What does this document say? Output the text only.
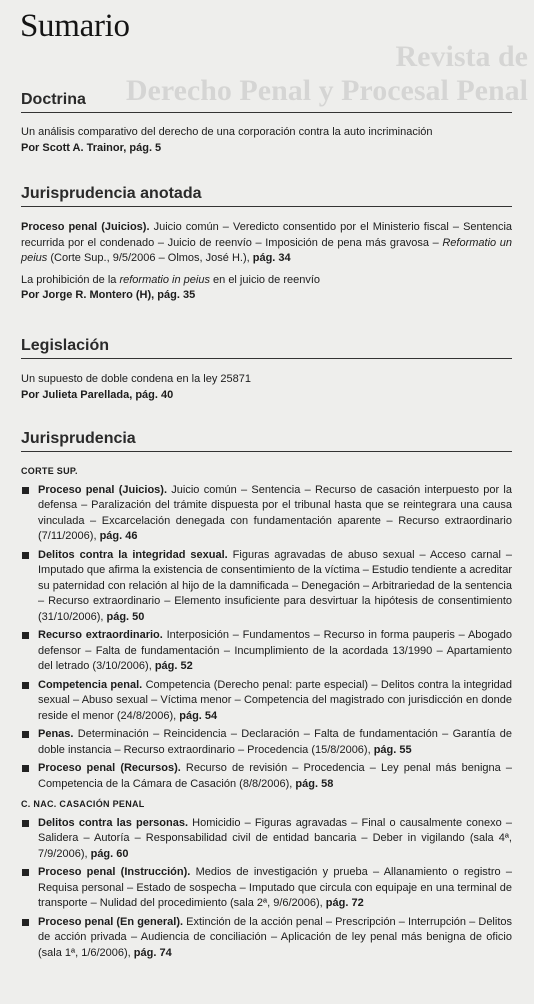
Revista de
Derecho Penal y Procesal Penal
Sumario
Doctrina

Un análisis comparativo del derecho de una corporación contra la auto incriminación

Por Scott A. Trainor, pág. 5

Jurisprudencia anotada

Proceso penal (Juicios). Juicio común – Veredicto consentido por el Ministerio fiscal – Sentencia recurrida por el condenado – Juicio de reenvío – Imposición de pena más gravosa – Reformatio un peius (Corte Sup., 9/5/2006 – Olmos, José H.), pág. 34

La prohibición de la reformatio in peius en el juicio de reenvío

Por Jorge R. Montero (H), pág. 35

Legislación

Un supuesto de doble condena en la ley 25871

Por Julieta Parellada, pág. 40

Jurisprudencia
CORTE SUP.
Proceso penal (Juicios). Juicio común – Sentencia – Recurso de casación interpuesto por la defensa – Paralización del trámite dispuesta por el tribunal hasta que se reintegrara una causa vinculada – Excarcelación denegada con fundamentación aparente – Recurso extraordinario (7/11/2006), pág. 46
Delitos contra la integridad sexual. Figuras agravadas de abuso sexual – Acceso carnal – Imputado que afirma la existencia de consentimiento de la víctima – Estudio tendiente a acreditar su paternidad con relación al hijo de la damnificada – Denegación – Arbitrariedad de la sentencia – Recurso extraordinario – Elemento insuficiente para desvirtuar la hipótesis de consentimiento (31/10/2006), pág. 50
Recurso extraordinario. Interposición – Fundamentos – Recurso in forma pauperis – Abogado defensor – Falta de fundamentación – Incumplimiento de la acordada 13/1990 – Apartamiento del letrado (3/10/2006), pág. 52
Competencia penal. Competencia (Derecho penal: parte especial) – Delitos contra la integridad sexual – Abuso sexual – Víctima menor – Competencia del magistrado con jurisdicción en donde reside el menor (24/8/2006), pág. 54
Penas. Determinación – Reincidencia – Declaración – Falta de fundamentación – Garantía de doble instancia – Recurso extraordinario – Procedencia (15/8/2006), pág. 55
Proceso penal (Recursos). Recurso de revisión – Procedencia – Ley penal más benigna – Competencia de la Cámara de Casación (8/8/2006), pág. 58
C. NAC. CASACIÓN PENAL
Delitos contra las personas. Homicidio – Figuras agravadas – Final o causalmente conexo – Salidera – Autoría – Responsabilidad civil de entidad bancaria – Deber in vigilando (sala 4ª, 7/9/2006), pág. 60
Proceso penal (Instrucción). Medios de investigación y prueba – Allanamiento o registro – Requisa personal – Estado de sospecha – Imputado que circula con equipaje en una terminal de transporte – Nulidad del procedimiento (sala 2ª, 9/6/2006), pág. 72
Proceso penal (En general). Extinción de la acción penal – Prescripción – Interrupción – Delitos de acción privada – Audiencia de conciliación – Aplicación de ley penal más benigna de oficio (sala 1ª, 1/6/2006), pág. 74
